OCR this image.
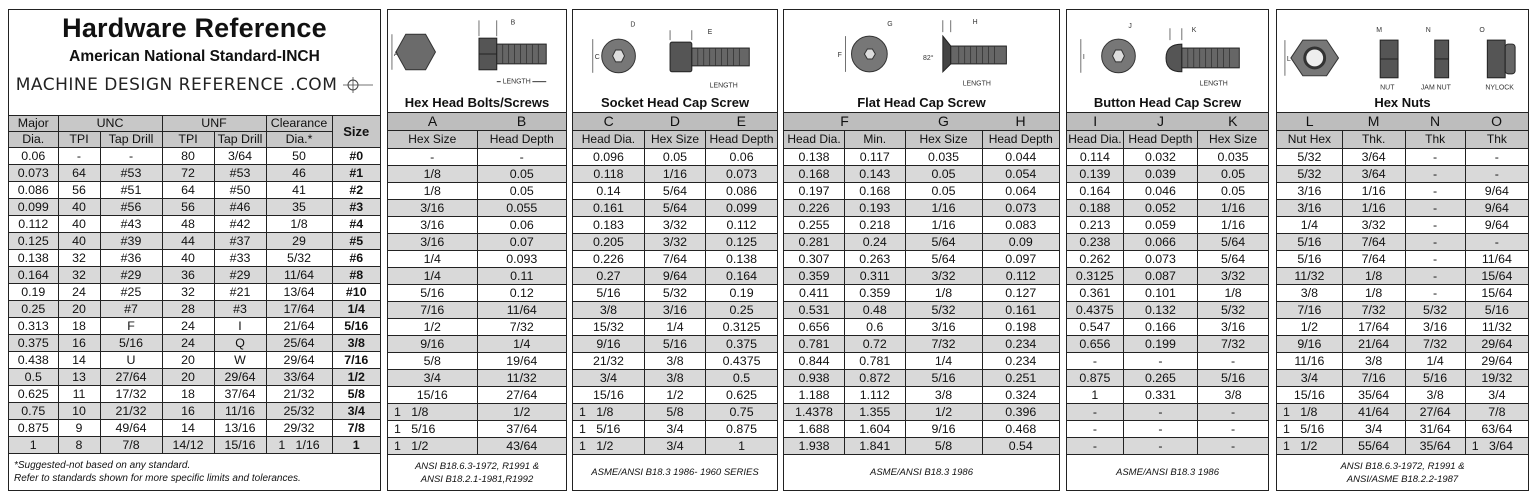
Hardware Reference
American National Standard-INCH
MACHINE DESIGN REFERENCE .COM
Major	UNC		UNF		Clearance	Size
Dia.	TPI	Tap Drill	TPI	Tap Drill	Dia.*	
0.06	-	-	80	3/64	50	#0
0.073	64	#53	72	#53	46	#1
0.086	56	#51	64	#50	41	#2
0.099	40	#56	56	#46	35	#3
0.112	40	#43	48	#42	1/8	#4
0.125	40	#39	44	#37	29	#5
0.138	32	#36	40	#33	5/32	#6
0.164	32	#29	36	#29	11/64	#8
0.19	24	#25	32	#21	13/64	#10
0.25	20	#7	28	#3	17/64	1/4
0.313	18	F	24	I	21/64	5/16
0.375	16	5/16	24	Q	25/64	3/8
0.438	14	U	20	W	29/64	7/16
0.5	13	27/64	20	29/64	33/64	1/2
0.625	11	17/32	18	37/64	21/32	5/8
0.75	10	21/32	16	11/16	25/32	3/4
0.875	9	49/64	14	13/16	29/32	7/8
1	8	7/8	14/12	15/16	1   1/16	1
*Suggested-not based on any standard.
Refer to standards shown for more specific limits and tolerances.
A
B
LENGTH
Hex Head Bolts/Screws
A	B
Hex Size	Head Depth
-	-
1/8	0.05
1/8	0.05
3/16	0.055
3/16	0.06
3/16	0.07
1/4	0.093
1/4	0.11
5/16	0.12
7/16	11/64
1/2	7/32
9/16	1/4
5/8	19/64
3/4	11/32
15/16	27/64
1   1/8	1/2
1   5/16	37/64
1   1/2	43/64
ANSI B18.6.3-1972, R1991 &
ANSI B18.2.1-1981,R1992
C
D
E
LENGTH
Socket Head Cap Screw
C	D	E
Head Dia.	Hex Size	Head Depth
0.096	0.05	0.06
0.118	1/16	0.073
0.14	5/64	0.086
0.161	5/64	0.099
0.183	3/32	0.112
0.205	3/32	0.125
0.226	7/64	0.138
0.27	9/64	0.164
5/16	5/32	0.19
3/8	3/16	0.25
15/32	1/4	0.3125
9/16	5/16	0.375
21/32	3/8	0.4375
3/4	3/8	0.5
15/16	1/2	0.625
1   1/8	5/8	0.75
1   5/16	3/4	0.875
1   1/2	3/4	1
ASME/ANSI B18.3 1986- 1960 SERIES
F
G
82°
H
LENGTH
Flat Head Cap Screw
F		G	H
Head Dia.	Min.	Hex Size	Head Depth
0.138	0.117	0.035	0.044
0.168	0.143	0.05	0.054
0.197	0.168	0.05	0.064
0.226	0.193	1/16	0.073
0.255	0.218	1/16	0.083
0.281	0.24	5/64	0.09
0.307	0.263	5/64	0.097
0.359	0.311	3/32	0.112
0.411	0.359	1/8	0.127
0.531	0.48	5/32	0.161
0.656	0.6	3/16	0.198
0.781	0.72	7/32	0.234
0.844	0.781	1/4	0.234
0.938	0.872	5/16	0.251
1.188	1.112	3/8	0.324
1.4378	1.355	1/2	0.396
1.688	1.604	9/16	0.468
1.938	1.841	5/8	0.54
ASME/ANSI B18.3 1986
I
J
K
LENGTH
Button Head Cap Screw
I	J	K
Head Dia.	Head Depth	Hex Size
0.114	0.032	0.035
0.139	0.039	0.05
0.164	0.046	0.05
0.188	0.052	1/16
0.213	0.059	1/16
0.238	0.066	5/64
0.262	0.073	5/64
0.3125	0.087	3/32
0.361	0.101	1/8
0.4375	0.132	5/32
0.547	0.166	3/16
0.656	0.199	7/32
-	-	-
0.875	0.265	5/16
1	0.331	3/8
-	-	-
-	-	-
-	-	-
ASME/ANSI B18.3 1986
L
M
NUT
N
JAM NUT
O
NYLOCK
Hex Nuts
L	M	N	O
Nut Hex	Thk.	Thk	Thk
5/32	3/64	-	-
5/32	3/64	-	-
3/16	1/16	-	9/64
3/16	1/16	-	9/64
1/4	3/32	-	9/64
5/16	7/64	-	-
5/16	7/64	-	11/64
11/32	1/8	-	15/64
3/8	1/8	-	15/64
7/16	7/32	5/32	5/16
1/2	17/64	3/16	11/32
9/16	21/64	7/32	29/64
11/16	3/8	1/4	29/64
3/4	7/16	5/16	19/32
15/16	35/64	3/8	3/4
1   1/8	41/64	27/64	7/8
1   5/16	3/4	31/64	63/64
1   1/2	55/64	35/64	1   3/64
ANSI B18.6.3-1972, R1991 &
ANSI/ASME B18.2.2-1987
